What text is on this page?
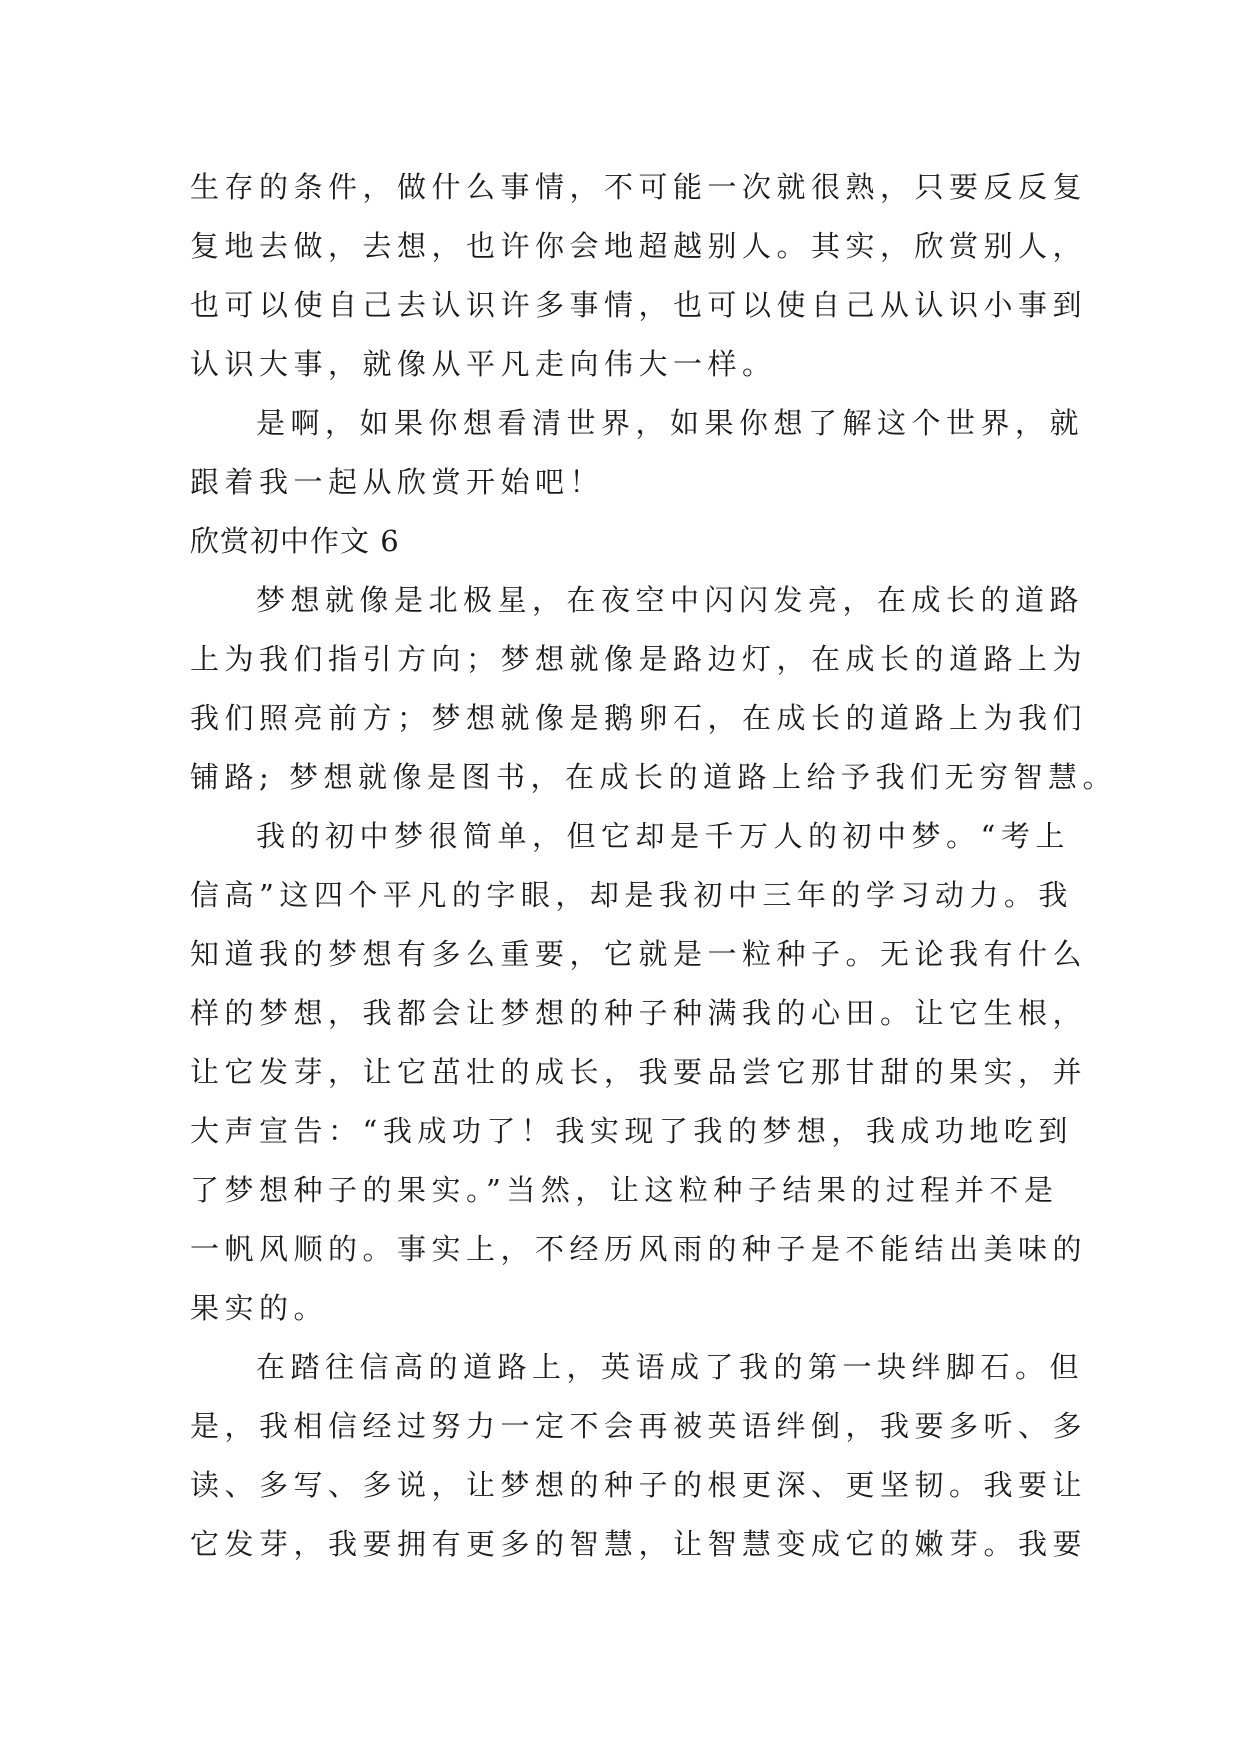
生存的条件，做什么事情，不可能一次就很熟，只要反反复
复地去做，去想，也许你会地超越别人。其实，欣赏别人，
也可以使自己去认识许多事情，也可以使自己从认识小事到
认识大事，就像从平凡走向伟大一样。
是啊，如果你想看清世界，如果你想了解这个世界，就
跟着我一起从欣赏开始吧！
欣赏初中作文 6
梦想就像是北极星，在夜空中闪闪发亮，在成长的道路
上为我们指引方向；梦想就像是路边灯，在成长的道路上为
我们照亮前方；梦想就像是鹅卵石，在成长的道路上为我们
铺路; 梦想就像是图书，在成长的道路上给予我们无穷智慧。
我的初中梦很简单，但它却是千万人的初中梦。“考上
信高”这四个平凡的字眼，却是我初中三年的学习动力。我
知道我的梦想有多么重要，它就是一粒种子。无论我有什么
样的梦想，我都会让梦想的种子种满我的心田。让它生根，
让它发芽，让它茁壮的成长，我要品尝它那甘甜的果实，并
大声宣告：“我成功了！我实现了我的梦想，我成功地吃到
了梦想种子的果实。”当然，让这粒种子结果的过程并不是
一帆风顺的。事实上，不经历风雨的种子是不能结出美味的
果实的。
在踏往信高的道路上，英语成了我的第一块绊脚石。但
是，我相信经过努力一定不会再被英语绊倒，我要多听、多
读、多写、多说，让梦想的种子的根更深、更坚韧。我要让
它发芽，我要拥有更多的智慧，让智慧变成它的嫩芽。我要
